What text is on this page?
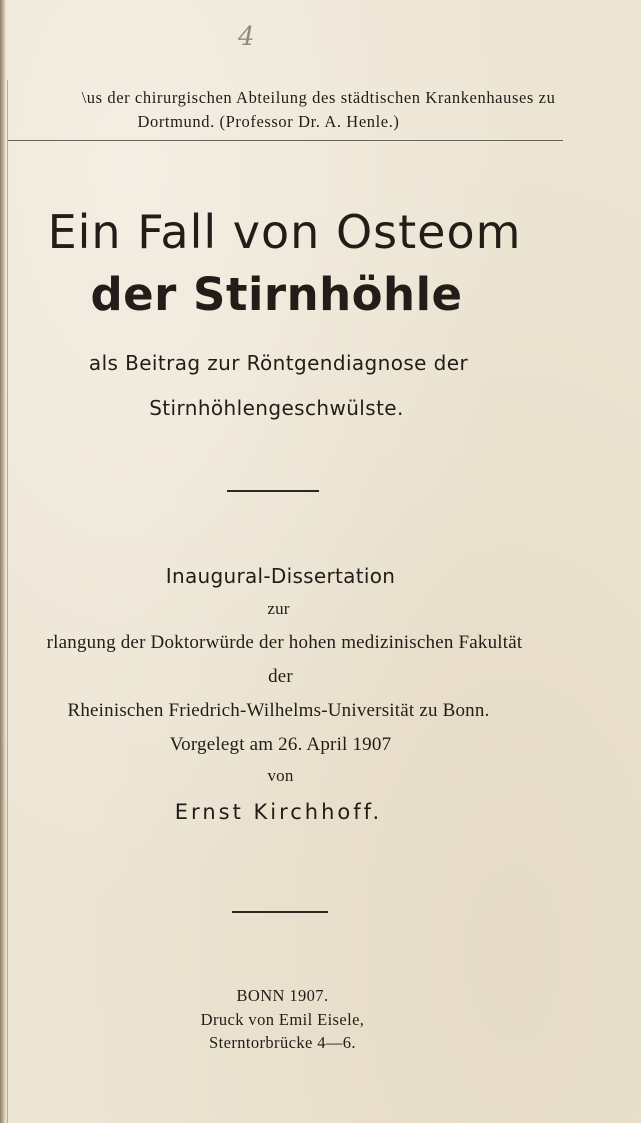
4
\us der chirurgischen Abteilung des städtischen Krankenhauses zu
Dortmund. (Professor Dr. A. Henle.)
Ein Fall von Osteom
der Stirnhöhle
als Beitrag zur Röntgendiagnose der
Stirnhöhlengeschwülste.
Inaugural-Dissertation
zur
rlangung der Doktorwürde der hohen medizinischen Fakultät
der
Rheinischen Friedrich-Wilhelms-Universität zu Bonn.
Vorgelegt am 26. April 1907
von
Ernst Kirchhoff.
BONN 1907.
Druck von Emil Eisele,
Sterntorbrücke 4—6.
